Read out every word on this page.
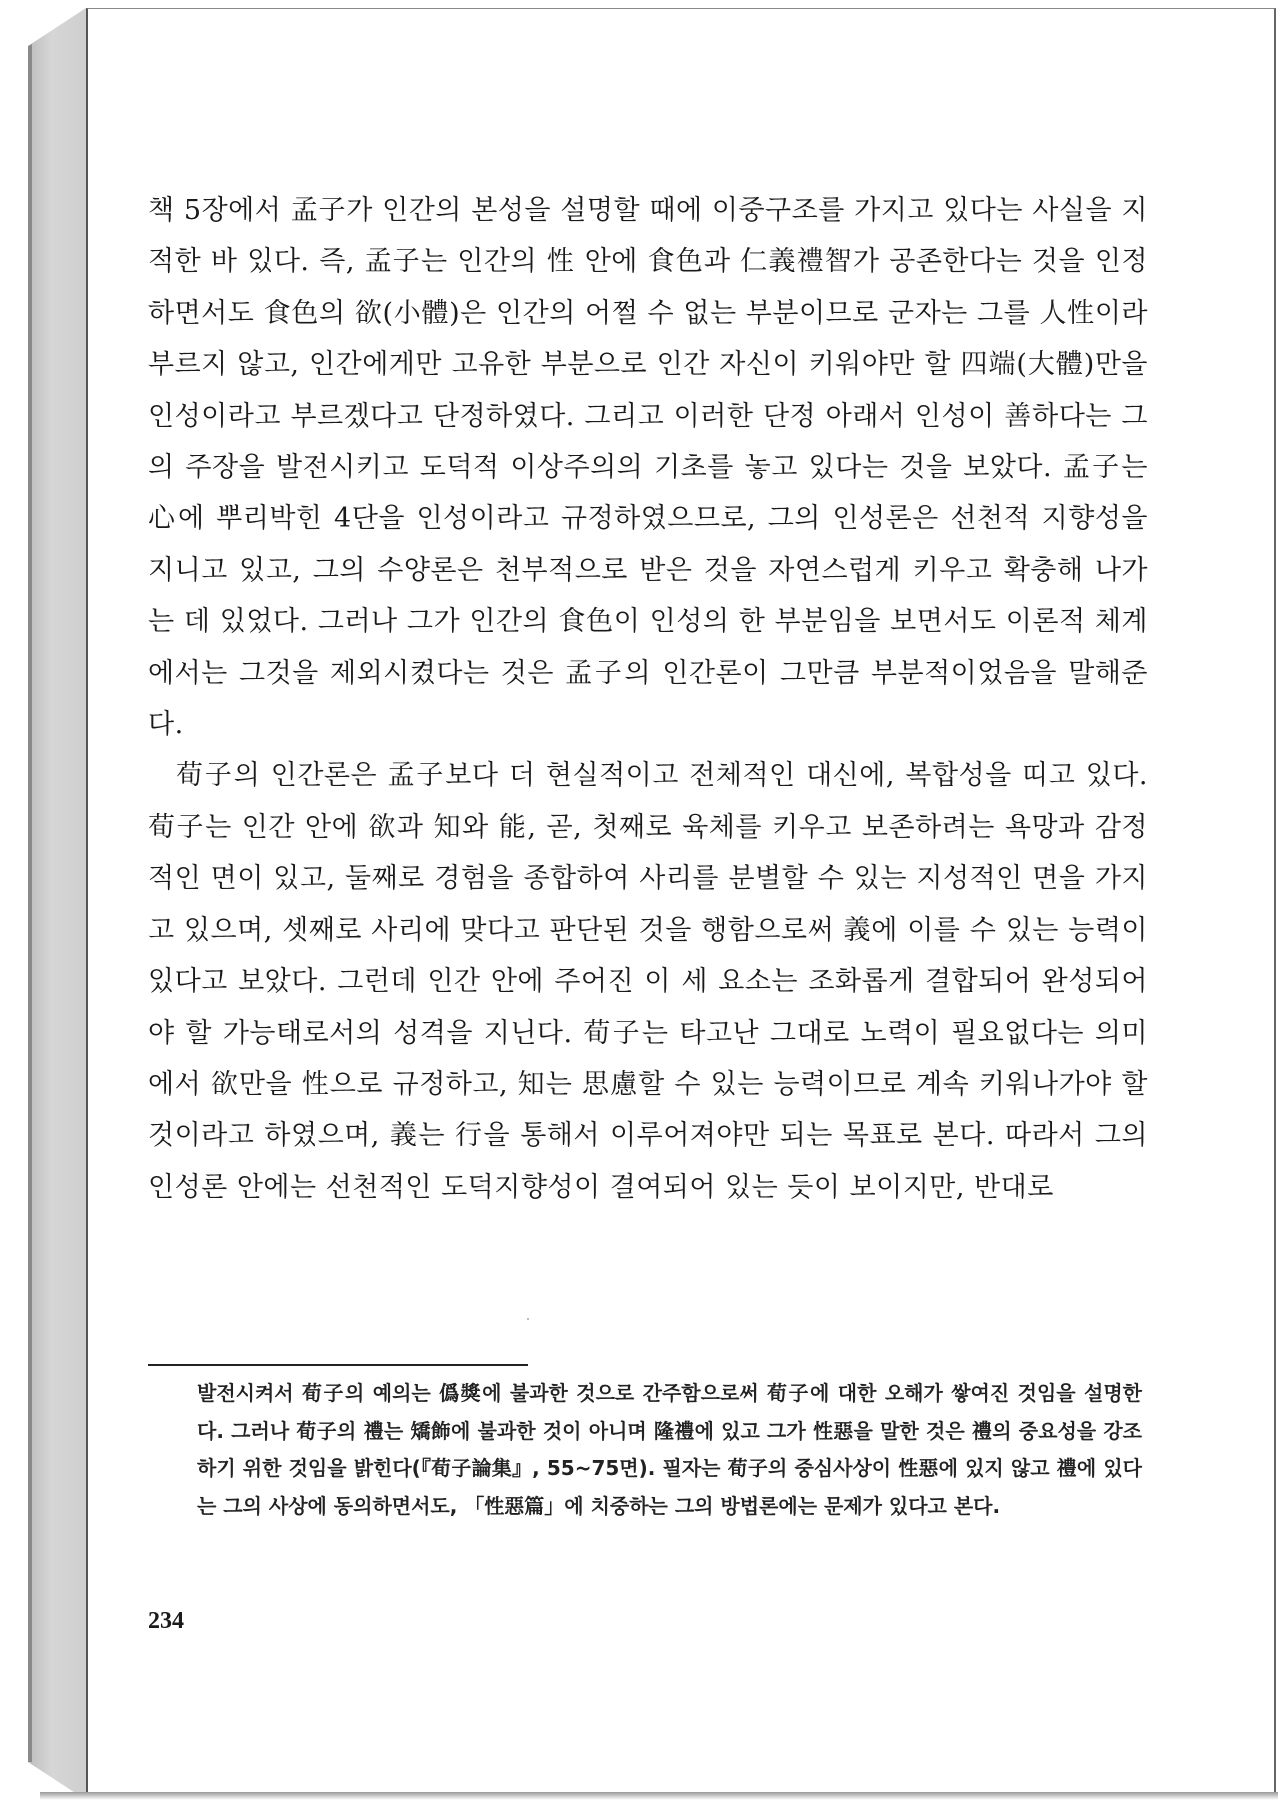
책 5장에서 孟子가 인간의 본성을 설명할 때에 이중구조를 가지고 있다는 사실을 지적한 바 있다. 즉, 孟子는 인간의 性 안에 食色과 仁義禮智가 공존한다는 것을 인정하면서도 食色의 欲(小體)은 인간의 어쩔 수 없는 부분이므로 군자는 그를 人性이라 부르지 않고, 인간에게만 고유한 부분으로 인간 자신이 키워야만 할 四端(大體)만을 인성이라고 부르겠다고 단정하였다. 그리고 이러한 단정 아래서 인성이 善하다는 그의 주장을 발전시키고 도덕적 이상주의의 기초를 놓고 있다는 것을 보았다. 孟子는 心에 뿌리박힌 4단을 인성이라고 규정하였으므로, 그의 인성론은 선천적 지향성을 지니고 있고, 그의 수양론은 천부적으로 받은 것을 자연스럽게 키우고 확충해 나가는 데 있었다. 그러나 그가 인간의 食色이 인성의 한 부분임을 보면서도 이론적 체계에서는 그것을 제외시켰다는 것은 孟子의 인간론이 그만큼 부분적이었음을 말해준다.

荀子의 인간론은 孟子보다 더 현실적이고 전체적인 대신에, 복합성을 띠고 있다. 荀子는 인간 안에 欲과 知와 能, 곧, 첫째로 육체를 키우고 보존하려는 욕망과 감정적인 면이 있고, 둘째로 경험을 종합하여 사리를 분별할 수 있는 지성적인 면을 가지고 있으며, 셋째로 사리에 맞다고 판단된 것을 행함으로써 義에 이를 수 있는 능력이 있다고 보았다. 그런데 인간 안에 주어진 이 세 요소는 조화롭게 결합되어 완성되어야 할 가능태로서의 성격을 지닌다. 荀子는 타고난 그대로 노력이 필요없다는 의미에서 欲만을 性으로 규정하고, 知는 思慮할 수 있는 능력이므로 계속 키워나가야 할 것이라고 하였으며, 義는 行을 통해서 이루어져야만 되는 목표로 본다. 따라서 그의 인성론 안에는 선천적인 도덕지향성이 결여되어 있는 듯이 보이지만, 반대로

발전시켜서 荀子의 예의는 僞獎에 불과한 것으로 간주함으로써 荀子에 대한 오해가 쌓여진 것임을 설명한다. 그러나 荀子의 禮는 矯飾에 불과한 것이 아니며 隆禮에 있고 그가 性惡을 말한 것은 禮의 중요성을 강조하기 위한 것임을 밝힌다(『荀子論集』, 55~75면). 필자는 荀子의 중심사상이 性惡에 있지 않고 禮에 있다는 그의 사상에 동의하면서도, 「性惡篇」에 치중하는 그의 방법론에는 문제가 있다고 본다.

234
